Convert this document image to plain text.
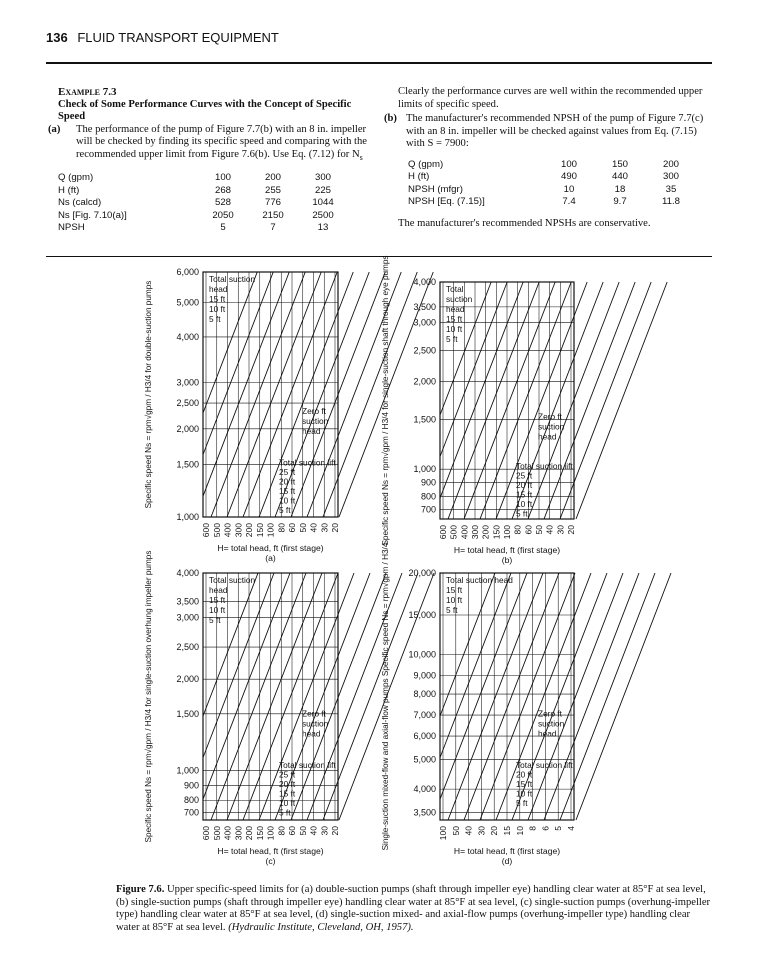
136 FLUID TRANSPORT EQUIPMENT
Example 7.3
Check of Some Performance Curves with the Concept of Specific Speed
(a) The performance of the pump of Figure 7.7(b) with an 8 in. impeller will be checked by finding its specific speed and comparing with the recommended upper limit from Figure 7.6(b). Use Eq. (7.12) for $N_s$
Q (gpm)	100	200	300
H (ft)	268	255	225
Ns (calcd)	528	776	1044
Ns [Fig. 7.10(a)]	2050	2150	2500
NPSH	5	7	13
Clearly the performance curves are well within the recommended upper limits of specific speed.
(b) The manufacturer's recommended NPSH of the pump of Figure 7.7(c) with an 8 in. impeller will be checked against values from Eq. (7.15) with S = 7900:
Q (gpm)	100	150	200
H (ft)	490	440	300
NPSH (mfgr)	10	18	35
NPSH [Eq. (7.15)]	7.4	9.7	11.8
The manufacturer's recommended NPSHs are conservative.
6,000
5,000
4,000
3,000
2,500
2,000
1,500
1,000
600 500 400 300 200 150 100 80 60 50 40 30 20
Total suction
head
15 ft
10 ft
5 ft
Zero ft
suction
head
Total suction lift
25 ft
20 ft
15 ft
10 ft
5 ft
H= total head, ft (first stage)
(a)
Specific speed Ns = rpm√gpm / H3/4 for double-suction pumps	4,000
3,500
3,000
2,500
2,000
1,500
1,000
900
800
700
600 500 400 300 200 150 100 80 60 50 40 30 20
Total
suction
head
15 ft
10 ft
5 ft
Zero ft
suction
head
Total suction lift
25 ft
20 ft
15 ft
10 ft
5 ft
H= total head, ft (first stage)
(b)
Specific speed Ns = rpm√gpm / H3/4 for single-suction shaft through eye pumps
4,000
3,500
3,000
2,500
2,000
1,500
1,000
900
800
700
600 500 400 300 200 150 100 80 60 50 40 30 20
Total suction
head
15 ft
10 ft
5 ft
Zero ft
suction
head
Total suction lift
25 ft
20 ft
15 ft
10 ft
5 ft
H= total head, ft (first stage)
(c)
Specific speed Ns = rpm√gpm / H3/4 for single-suction overhung impeller pumps	20,000
15,000
10,000
9,000
8,000
7,000
6,000
5,000
4,000
3,500
100 50 40 30 20 15 10 8 6 5 4
Total suction head
15 ft
10 ft
5 ft
Zero ft
suction
head
Total suction lift
20 ft
15 ft
10 ft
5 ft
H= total head, ft (first stage)
(d)
Single-suction mixed-flow and axial-flow pumps Specific speed Ns = rpm√gpm / H3/4
Figure 7.6. Upper specific-speed limits for (a) double-suction pumps (shaft through impeller eye) handling clear water at 85°F at sea level, (b) single-suction pumps (shaft through impeller eye) handling clear water at 85°F at sea level, (c) single-suction pumps (overhung-impeller type) handling clear water at 85°F at sea level, (d) single-suction mixed- and axial-flow pumps (overhung-impeller type) handling clear water at 85°F at sea level. (Hydraulic Institute, Cleveland, OH, 1957).
